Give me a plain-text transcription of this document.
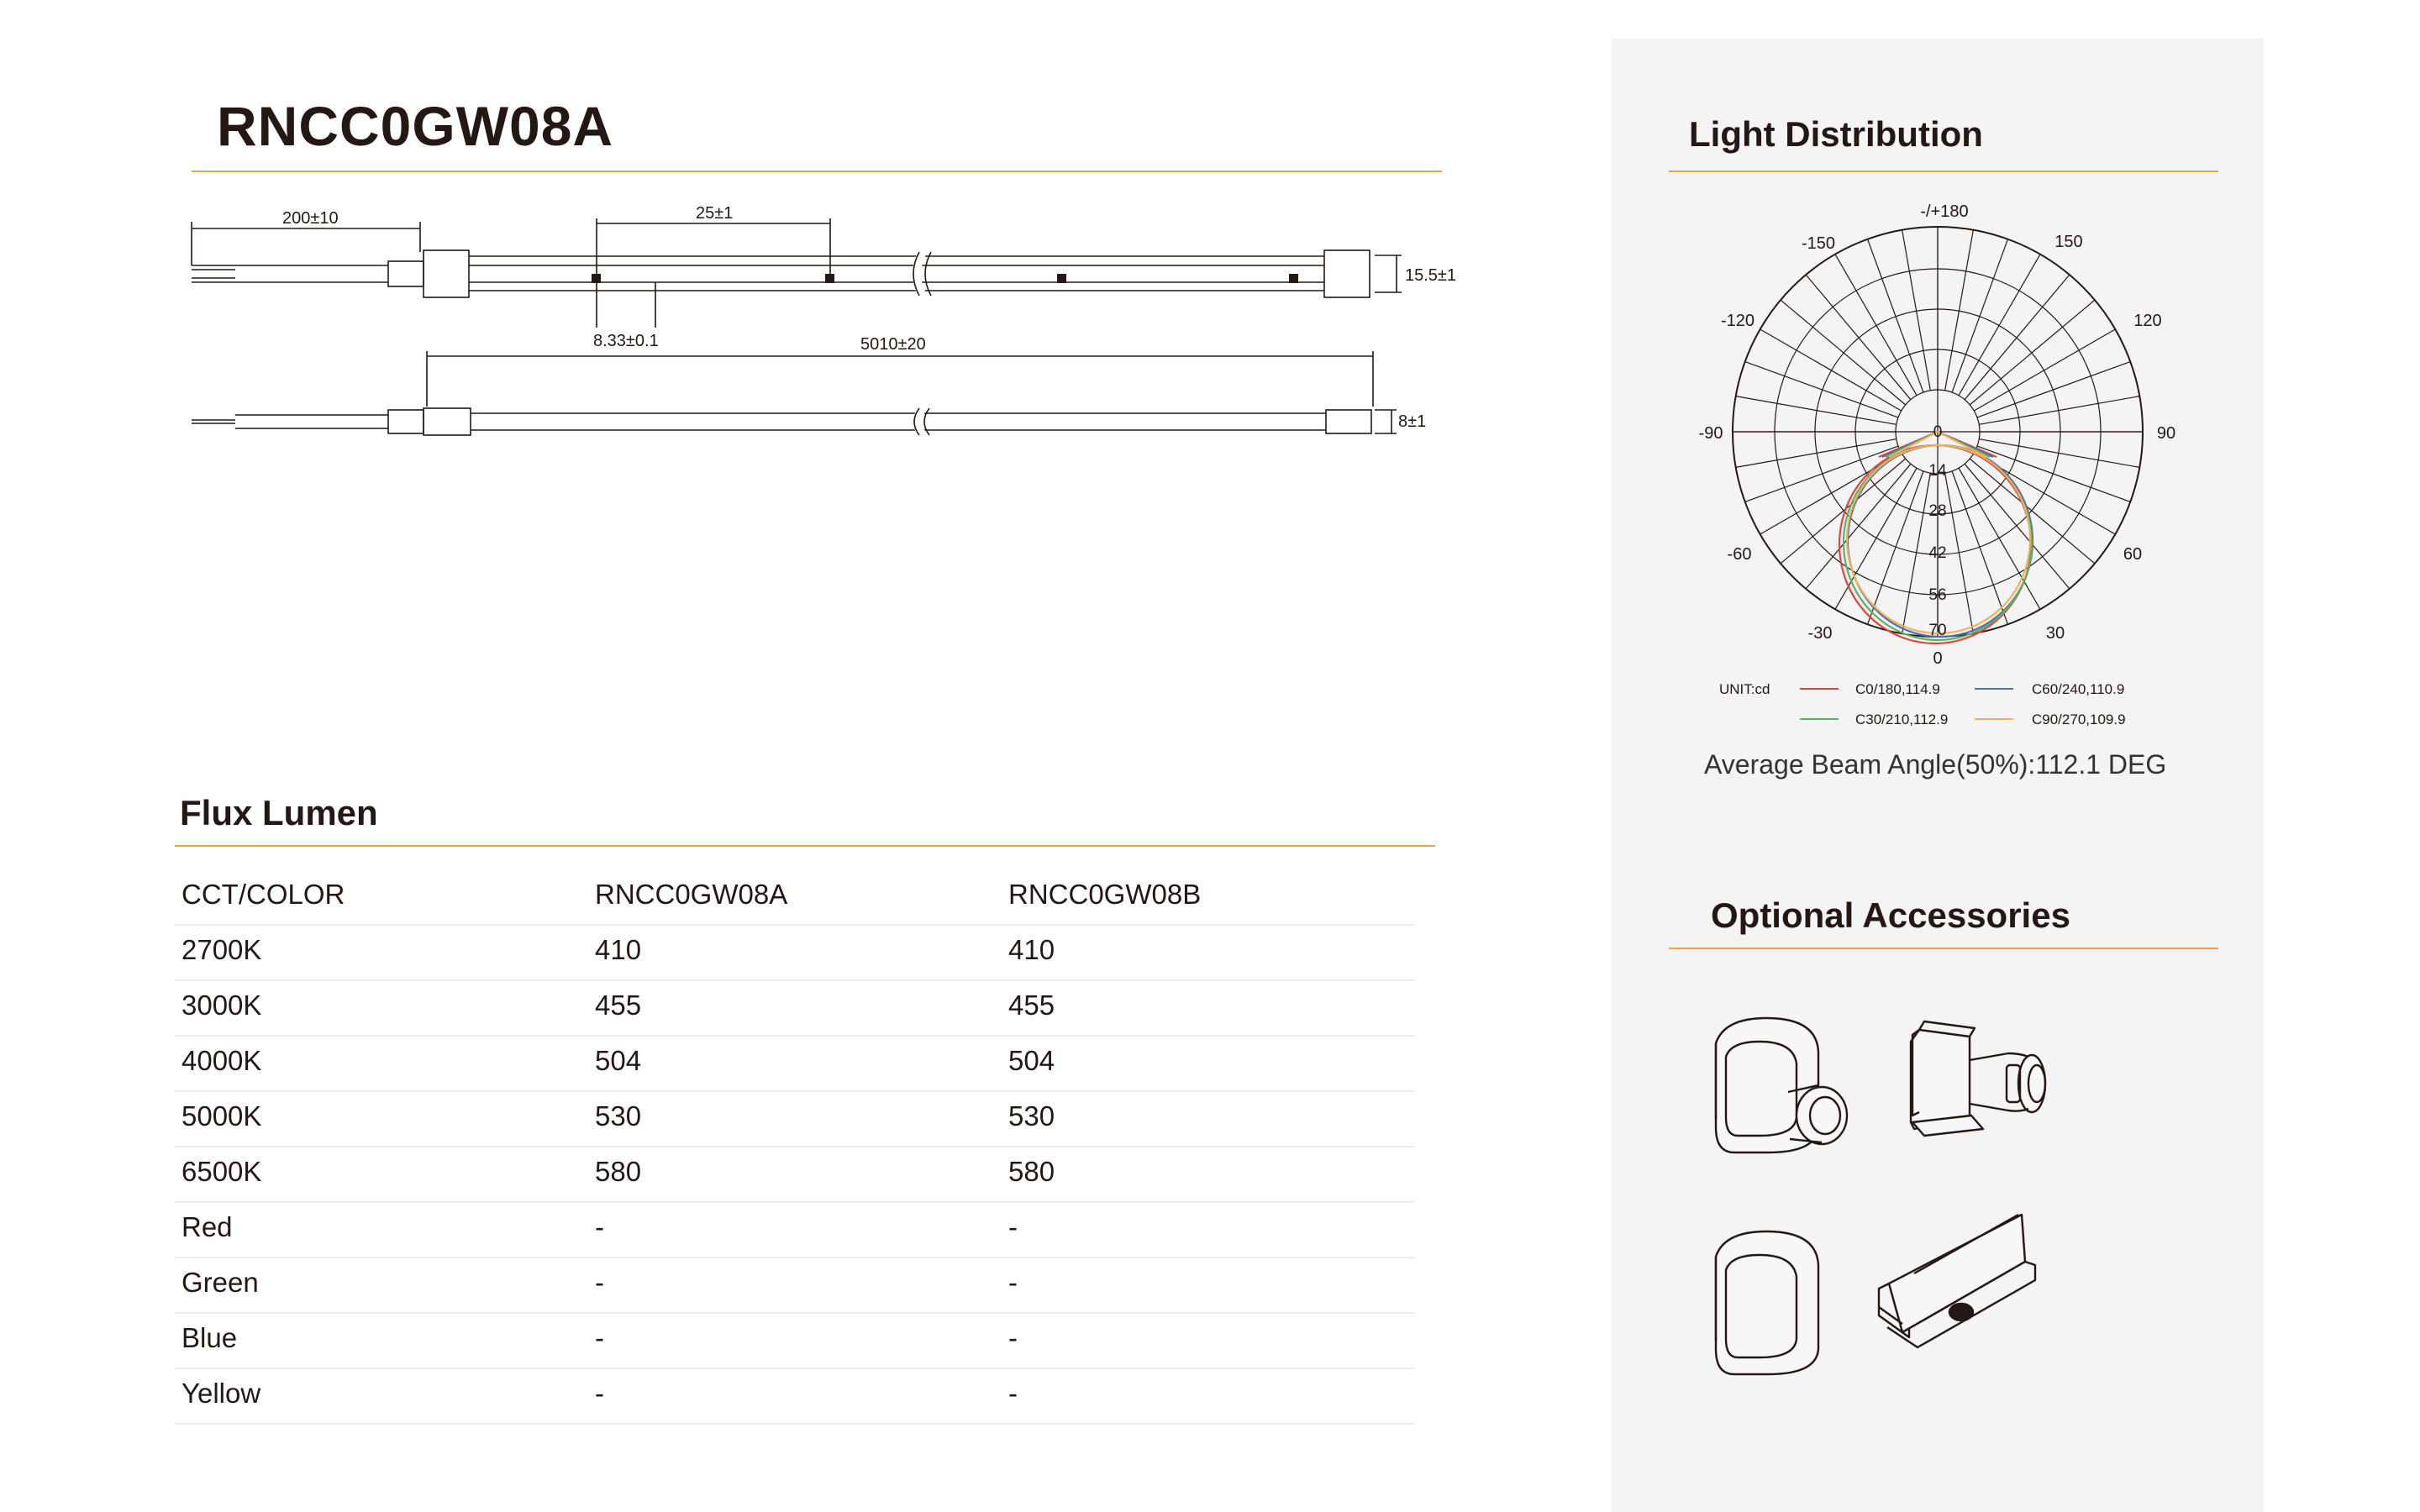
RNCC0GW08A
200±10	25±1
15.5±1
8.33±0.1	5010±20
8±1
Flux Lumen
CCT/COLOR	RNCC0GW08A	RNCC0GW08B
2700K	410	410
3000K	455	455
4000K	504	504
5000K	530	530
6500K	580	580
Red	-	-
Green	-	-
Blue	-	-
Yellow	-	-
Light Distribution
-/+180
-150	150
-120	120
-90	90
-60	60
-30	30
0
0
14
28
42
56
70
UNIT:cd	C0/180,114.9	C60/240,110.9
C30/210,112.9	C90/270,109.9
Average Beam Angle(50%):112.1 DEG
Optional Accessories
